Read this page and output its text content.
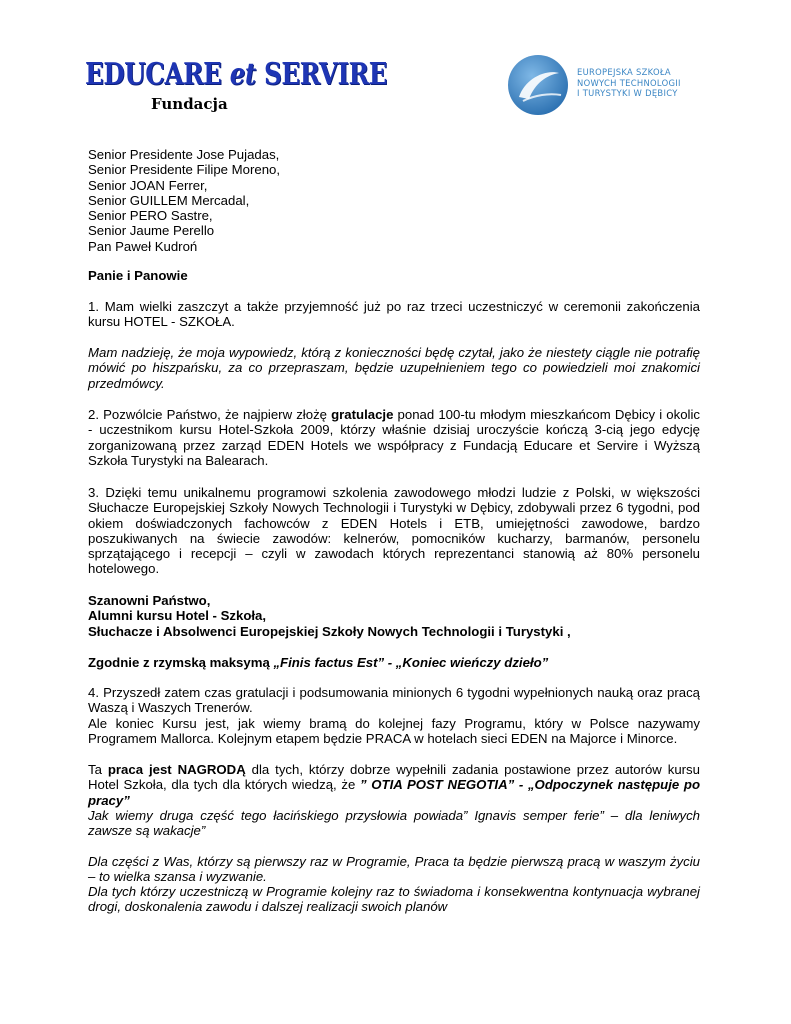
EDUCARE et SERVIRE
Fundacja
EUROPEJSKA SZKOŁA
NOWYCH TECHNOLOGII
I TURYSTYKI W DĘBICY
Senior Presidente Jose Pujadas,
Senior Presidente Filipe Moreno,
Senior JOAN Ferrer,
Senior GUILLEM Mercadal,
Senior PERO Sastre,
Senior Jaume Perello
Pan Paweł Kudroń
Panie i Panowie
1. Mam wielki zaszczyt a także przyjemność już po raz trzeci uczestniczyć w ceremonii zakończenia kursu HOTEL - SZKOŁA.
Mam nadzieję, że moja wypowiedz, którą z konieczności będę czytał, jako że niestety ciągle nie potrafię mówić po hiszpańsku, za co przepraszam, będzie uzupełnieniem tego co powiedzieli moi znakomici przedmówcy.
2. Pozwólcie Państwo, że najpierw złożę gratulacje ponad 100-tu młodym mieszkańcom Dębicy i okolic - uczestnikom kursu Hotel-Szkoła 2009, którzy właśnie dzisiaj uroczyście kończą 3-cią jego edycję zorganizowaną przez zarząd EDEN Hotels we współpracy z Fundacją Educare et Servire i Wyższą Szkoła Turystyki na Balearach.
3. Dzięki temu unikalnemu programowi szkolenia zawodowego młodzi ludzie z Polski, w większości Słuchacze Europejskiej Szkoły Nowych Technologii i Turystyki w Dębicy, zdobywali przez 6 tygodni, pod okiem doświadczonych fachowców z EDEN Hotels i ETB, umiejętności zawodowe, bardzo poszukiwanych na świecie zawodów: kelnerów, pomocników kucharzy, barmanów, personelu sprzątającego i recepcji – czyli w zawodach których reprezentanci stanowią aż 80% personelu hotelowego.
Szanowni Państwo,
Alumni kursu Hotel - Szkoła,
Słuchacze i Absolwenci Europejskiej Szkoły Nowych Technologii i Turystyki ,
Zgodnie z rzymską maksymą „Finis factus Est” - „Koniec wieńczy dzieło”
4. Przyszedł zatem czas gratulacji i podsumowania minionych 6 tygodni wypełnionych nauką oraz pracą Waszą i Waszych Trenerów.
Ale koniec Kursu jest, jak wiemy bramą do kolejnej fazy Programu, który w Polsce nazywamy Programem Mallorca. Kolejnym etapem będzie PRACA w hotelach sieci EDEN na Majorce i Minorce.
Ta praca jest NAGRODĄ dla tych, którzy dobrze wypełnili zadania postawione przez autorów kursu Hotel Szkoła, dla tych dla których wiedzą, że ” OTIA POST NEGOTIA” - „Odpoczynek następuje po pracy”
Jak wiemy druga część tego łacińskiego przysłowia powiada” Ignavis semper ferie” – dla leniwych zawsze są wakacje”
Dla części z Was, którzy są pierwszy raz w Programie, Praca ta będzie pierwszą pracą w waszym życiu – to wielka szansa i wyzwanie.
Dla tych którzy uczestniczą w Programie kolejny raz to świadoma i konsekwentna kontynuacja wybranej drogi, doskonalenia zawodu i dalszej realizacji swoich planów
